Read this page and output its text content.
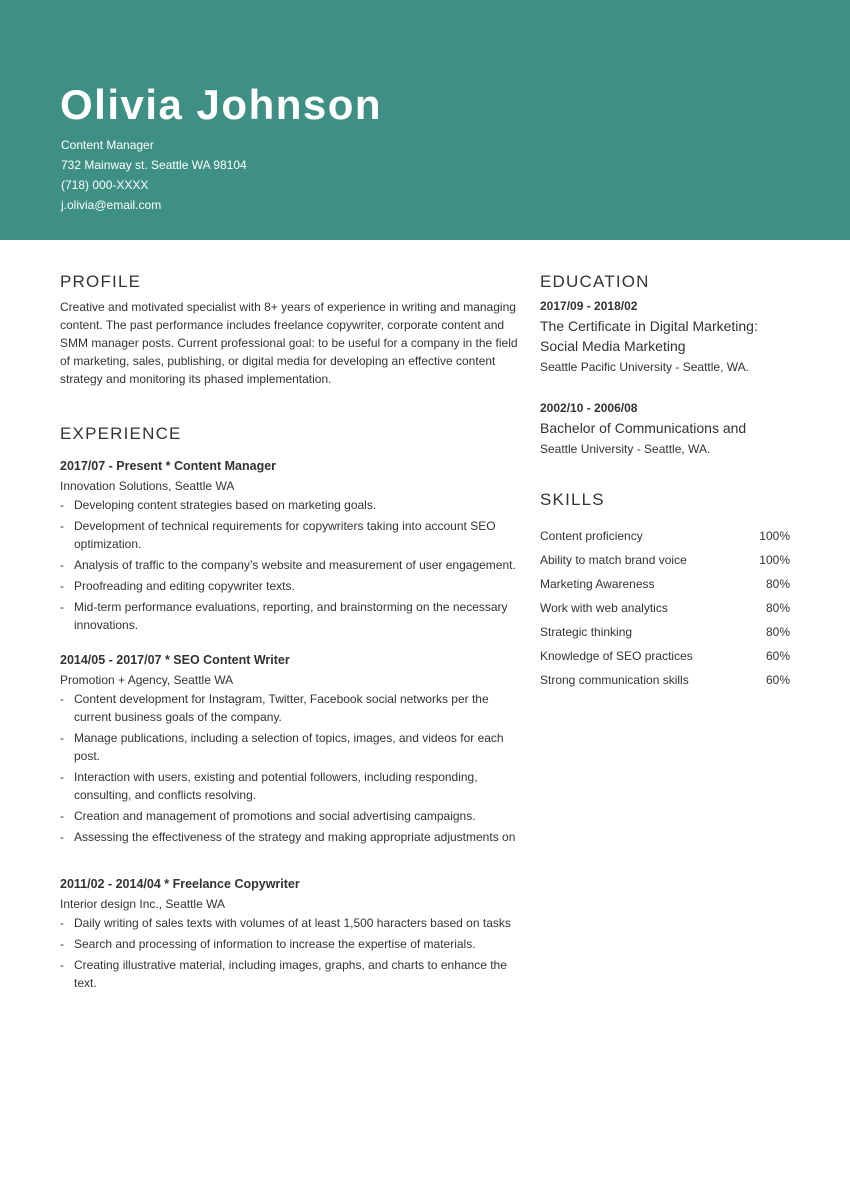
Olivia Johnson
Content Manager
732 Mainway st. Seattle WA 98104
(718) 000-XXXX
j.olivia@email.com
PROFILE

Creative and motivated specialist with 8+ years of experience in writing and managing content. The past performance includes freelance copywriter, corporate content and SMM manager posts. Current professional goal: to be useful for a company in the field of marketing, sales, publishing, or digital media for developing an effective content strategy and monitoring its phased implementation.

EXPERIENCE
2017/07 - Present * Content Manager
Innovation Solutions, Seattle WA
- Developing content strategies based on marketing goals.
- Development of technical requirements for copywriters taking into account SEO optimization.
- Analysis of traffic to the company’s website and measurement of user engagement.
- Proofreading and editing copywriter texts.
- Mid-term performance evaluations, reporting, and brainstorming on the necessary innovations.
2014/05 - 2017/07 * SEO Content Writer
Promotion + Agency, Seattle WA
- Content development for Instagram, Twitter, Facebook social networks per the current business goals of the company.
- Manage publications, including a selection of topics, images, and videos for each post.
- Interaction with users, existing and potential followers, including responding, consulting, and conflicts resolving.
- Creation and management of promotions and social advertising campaigns.
- Assessing the effectiveness of the strategy and making appropriate adjustments on
2011/02 - 2014/04 * Freelance Copywriter
Interior design Inc., Seattle WA
- Daily writing of sales texts with volumes of at least 1,500 haracters based on tasks
- Search and processing of information to increase the expertise of materials.
- Creating illustrative material, including images, graphs, and charts to enhance the text.
EDUCATION
2017/09 - 2018/02
The Certificate in Digital Marketing: Social Media Marketing
Seattle Pacific University - Seattle, WA.
2002/10 - 2006/08
Bachelor of Communications and
Seattle University - Seattle, WA.
SKILLS
Content proficiency	100%
Ability to match brand voice	100%
Marketing Awareness	80%
Work with web analytics	80%
Strategic thinking	80%
Knowledge of SEO practices	60%
Strong communication skills	60%
